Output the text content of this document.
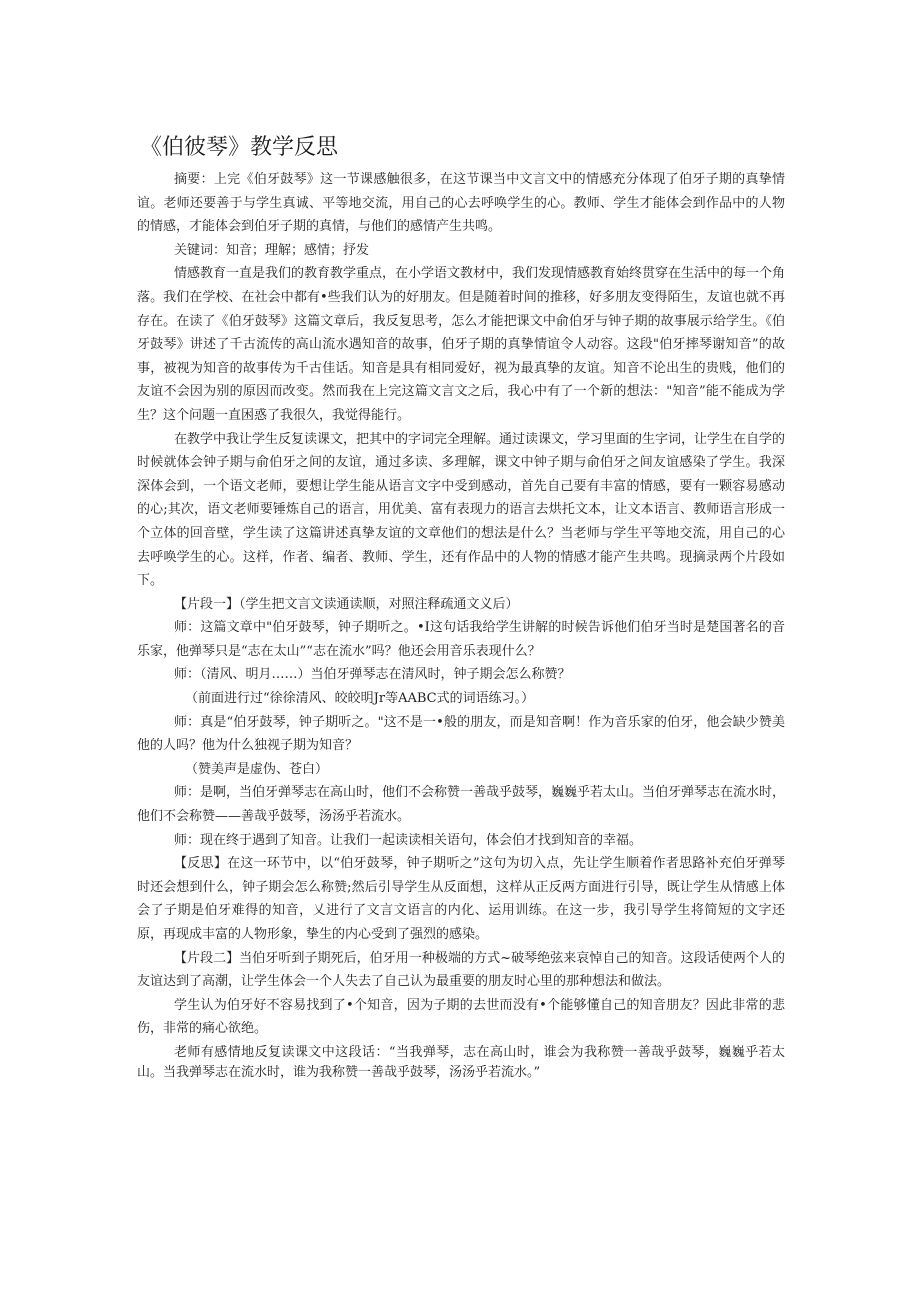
《伯彼琴》教学反思

摘要：上完《伯牙鼓琴》这一节课感触很多，在这节课当中文言文中的情感充分体现了伯牙子期的真挚情谊。老师还要善于与学生真诚、平等地交流，用自己的心去呼唤学生的心。教师、学生才能体会到作品中的人物的情感，才能体会到伯牙子期的真情，与他们的感情产生共鸣。

关键词：知音；理解；感情；抒发

情感教育一直是我们的教育教学重点，在小学语文教材中，我们发现情感教育始终贯穿在生活中的每一个角落。我们在学校、在社会中都有•些我们认为的好朋友。但是随着时间的推移，好多朋友变得陌生，友谊也就不再存在。在读了《伯牙鼓琴》这篇文章后，我反复思考，怎么才能把课文中俞伯牙与钟子期的故事展示给学生。《伯牙鼓琴》讲述了千古流传的高山流水遇知音的故事，伯牙子期的真挚情谊令人动容。这段"伯牙摔琴谢知音”的故事，被视为知音的故事传为千古佳话。知音是具有相同爱好，视为最真挚的友谊。知音不论出生的贵贱，他们的友谊不会因为别的原因而改变。然而我在上完这篇文言文之后，我心中有了一个新的想法："知音”能不能成为学生？这个问题一直困惑了我很久，我觉得能行。

在教学中我让学生反复读课文，把其中的字词完全理解。通过读课文，学习里面的生字词，让学生在自学的时候就体会钟子期与俞伯牙之间的友谊，通过多读、多理解，课文中钟子期与俞伯牙之间友谊感染了学生。我深深体会到，一个语文老师，要想让学生能从语言文字中受到感动，首先自己要有丰富的情感，要有一颗容易感动的心;其次，语文老师要锤炼自己的语言，用优美、富有表现力的语言去烘托文本，让文本语言、教师语言形成一个立体的回音壁，学生读了这篇讲述真挚友谊的文章他们的想法是什么？当老师与学生平等地交流，用自己的心去呼唤学生的心。这样，作者、编者、教师、学生，还有作品中的人物的情感才能产生共鸣。现摘录两个片段如下。

【片段一】（学生把文言文读通读顺，对照注释疏通文义后）

师：这篇文章中"伯牙鼓琴，钟子期听之。•I这句话我给学生讲解的时候告诉他们伯牙当时是楚国著名的音乐家，他弹琴只是“志在太山”“志在流水”吗？他还会用音乐表现什么？

师：（清风、明月……）当伯牙弹琴志在清风时，钟子期会怎么称赞？

（前面进行过“徐徐清风、皎皎明Jr等AABC式的词语练习。）

师：真是“伯牙鼓琴，钟子期听之。"这不是一•般的朋友，而是知音啊！作为音乐家的伯牙，他会缺少赞美他的人吗？他为什么独视子期为知音？

（赞美声是虚伪、苍白）

师：是啊，当伯牙弹琴志在高山时，他们不会称赞一善哉乎鼓琴，巍巍乎若太山。当伯牙弹琴志在流水时，他们不会称赞——善哉乎鼓琴，汤汤乎若流水。

师：现在终于遇到了知音。让我们一起读读相关语句，体会伯才找到知音的幸福。

【反思】在这一环节中，以“伯牙鼓琴，钟子期听之”这句为切入点，先让学生顺着作者思路补充伯牙弹琴时还会想到什么，钟子期会怎么称赞;然后引导学生从反面想，这样从正反两方面进行引导，既让学生从情感上体会了子期是伯牙难得的知音，乂进行了文言文语言的内化、运用训练。在这一步，我引导学生将简短的文字还原，再现成丰富的人物形象，挚生的内心受到了强烈的感染。

【片段二】当伯牙听到子期死后，伯牙用一种极端的方式~破琴绝弦来哀悼自己的知音。这段话使两个人的友谊达到了高潮，让学生体会一个人失去了自己认为最重要的朋友时心里的那种想法和做法。

学生认为伯牙好不容易找到了•个知音，因为子期的去世而没有•个能够懂自己的知音朋友？因此非常的悲伤，非常的痛心欲绝。

老师有感情地反复读课文中这段话：“当我弹琴，志在高山时，谁会为我称赞一善哉乎鼓琴，巍巍乎若太山。当我弹琴志在流水时，谁为我称赞一善哉乎鼓琴，汤汤乎若流水。”
